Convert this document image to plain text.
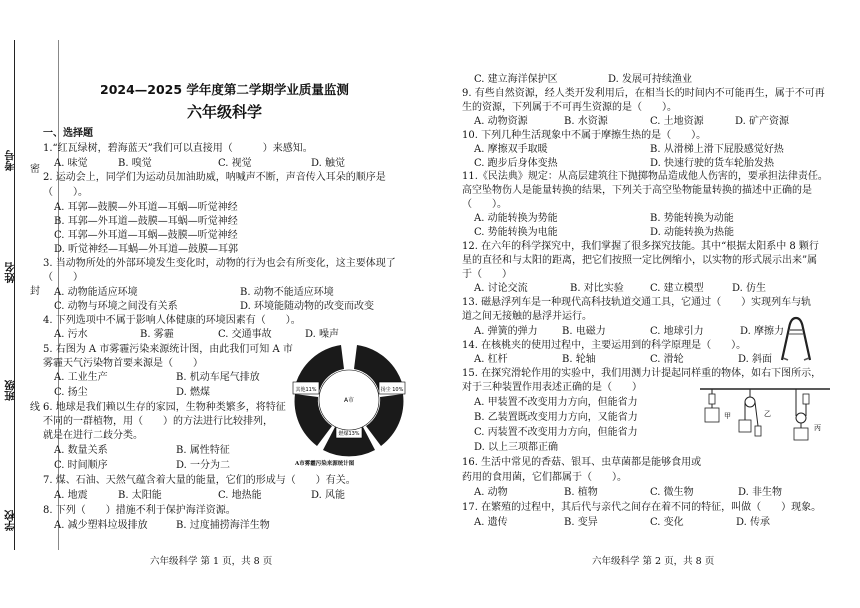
考号
姓名
班级
学校
密
封
线
2024—2025 学年度第二学期学业质量监测
六年级科学
一、选择题
1.“红瓦绿树，碧海蓝天”我们可以直接用（　　　）来感知。
A. 味觉	B. 嗅觉	C. 视觉	D. 触觉
2. 运动会上，同学们为运动员加油助威，呐喊声不断，声音传入耳朵的顺序是
（　　）。
A. 耳郭—鼓膜—外耳道—耳蜗—听觉神经
B. 耳郭—外耳道—鼓膜—耳蜗—听觉神经
C. 耳郭—外耳道—耳蜗—鼓膜—听觉神经
D. 听觉神经—耳蜗—外耳道—鼓膜—耳郭
3. 当动物所处的外部环境发生变化时，动物的行为也会有所变化，这主要体现了
（　　）
A. 动物能适应环境	B. 动物不能适应环境
C. 动物与环境之间没有关系	D. 环境能随动物的改变而改变
4. 下列选项中不属于影响人体健康的环境因素有（　　）。
A. 污水	B. 雾霾	C. 交通事故	D. 噪声
5. 右图为 A 市雾霾污染来源统计图，由此我们可知 A 市
雾霾天气污染物首要来源是（　　）
A. 工业生产	B. 机动车尾气排放
C. 扬尘	D. 燃煤
6. 地球是我们赖以生存的家园，生物种类繁多，将特征
不同的一群植物，用（　　）的方法进行比较排列，
就是在进行二歧分类。
A. 数量关系	B. 属性特征
C. 时间顺序	D. 一分为二
7. 煤、石油、天然气蕴含着大量的能量，它们的形成与（　　）有关。
A. 地震	B. 太阳能	C. 地热能	D. 风能
8. 下列（　　）措施不利于保护海洋资源。
A. 减少塑料垃圾排放	B. 过度捕捞海洋生物
其他11%	扬尘 10%
燃煤13%
A市
A市雾霾污染来源统计图
六年级科学 第 1 页，共 8 页
C. 建立海洋保护区	D. 发展可持续渔业
9. 有些自然资源，经人类开发利用后，在相当长的时间内不可能再生，属于不可再
生的资源，下列属于不可再生资源的是（　　）。
A. 动物资源	B. 水资源	C. 土地资源	D. 矿产资源
10. 下列几种生活现象中不属于摩擦生热的是（　　）。
A. 摩擦双手取暖	B. 从滑梯上滑下屁股感觉好热
C. 跑步后身体变热	D. 快速行驶的货车轮胎发热
11.《民法典》规定：从高层建筑往下抛掷物品造成他人伤害的，要承担法律责任。
高空坠物伤人是能量转换的结果，下列关于高空坠物能量转换的描述中正确的是
（　　）。
A. 动能转换为势能	B. 势能转换为动能
C. 势能转换为电能	D. 动能转换为热能
12. 在六年的科学探究中，我们掌握了很多探究技能。其中“根据太阳系中 8 颗行
星的直径和与太阳的距离，把它们按照一定比例缩小，以实物的形式展示出来”属
于（　　）
A. 讨论交流	B. 对比实验	C. 建立模型	D. 仿生
13. 磁悬浮列车是一种现代高科技轨道交通工具，它通过（　　）实现列车与轨
道之间无接触的悬浮并运行。
A. 弹簧的弹力 B. 电磁力	C. 地球引力	D. 摩擦力
14. 在核桃夹的使用过程中，主要运用到的科学原理是（　　）。
A. 杠杆	B. 轮轴	C. 滑轮	D. 斜面
15. 在探究滑轮作用的实验中，我们用测力计提起同样重的物体，如右下图所示，
对于三种装置作用表述正确的是（　　）
A. 甲装置不改变用力方向，但能省力
B. 乙装置既改变用力方向，又能省力
C. 丙装置不改变用力方向，但能省力
D. 以上三项都正确
甲	乙
丙
16. 生活中常见的香菇、银耳、虫草菌都是能够食用或
药用的食用菌，它们都属于（　　）。
A. 动物	B. 植物	C. 微生物	D. 非生物
17. 在繁殖的过程中，其后代与亲代之间存在着不同的特征，叫做（　　）现象。
A. 遗传	B. 变异	C. 变化	D. 传承
六年级科学 第 2 页，共 8 页
